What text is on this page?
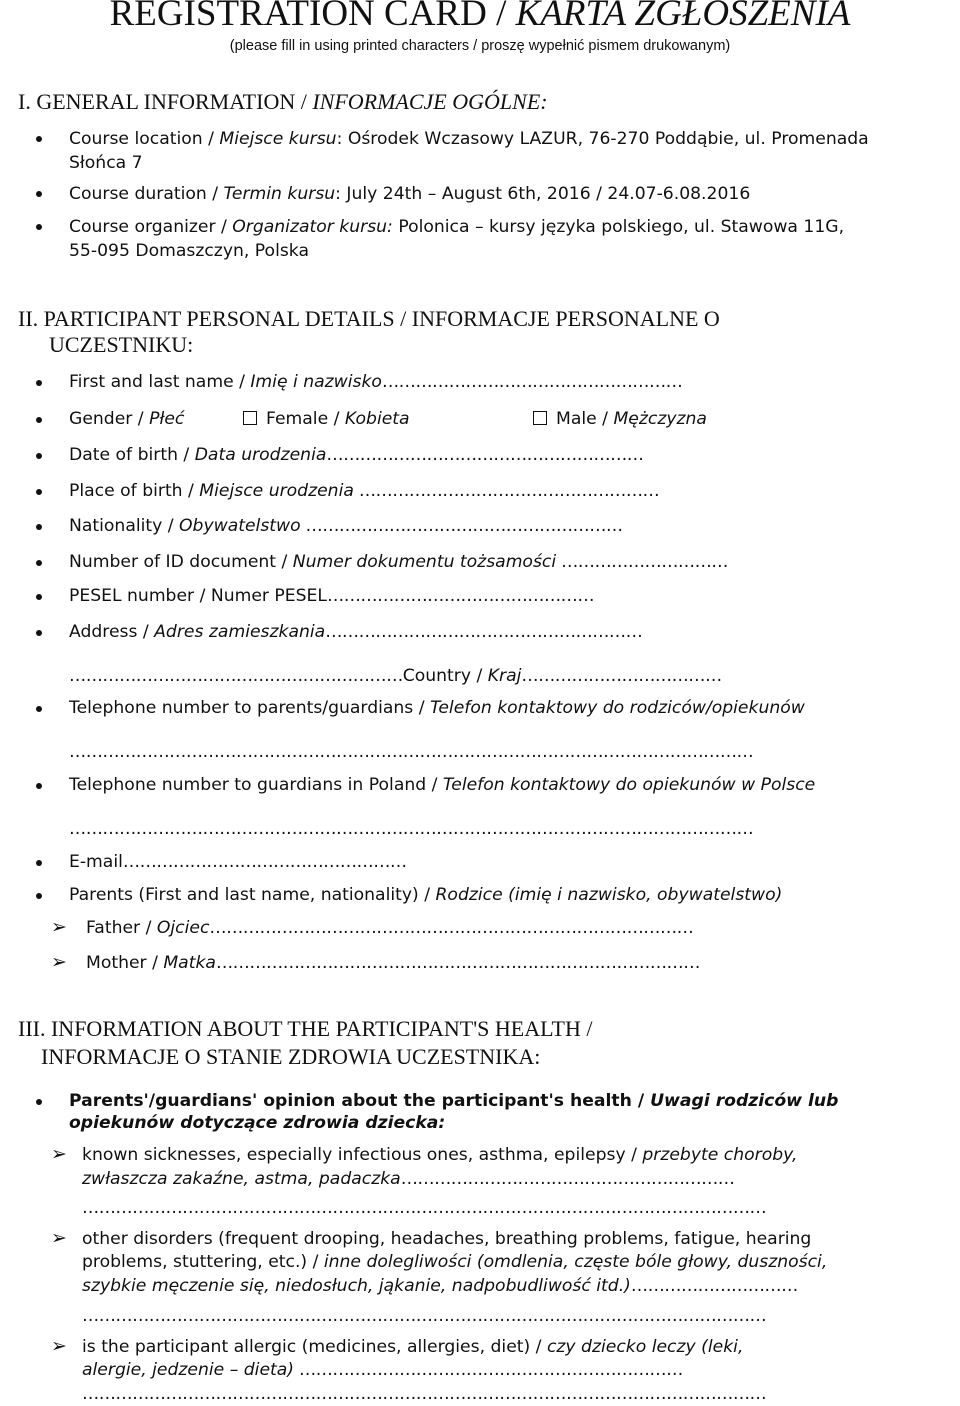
REGISTRATION CARD / KARTA ZGŁOSZENIA
(please fill in using printed characters / proszę wypełnić pismem drukowanym)
I. GENERAL INFORMATION / INFORMACJE OGÓLNE:
Course location / Miejsce kursu: Ośrodek Wczasowy LAZUR, 76-270 Poddąbie, ul. Promenada
Słońca 7
Course duration / Termin kursu: July 24th – August 6th, 2016 / 24.07-6.08.2016
Course organizer / Organizator kursu: Polonica – kursy języka polskiego, ul. Stawowa 11G,
55-095 Domaszczyn, Polska
II. PARTICIPANT PERSONAL DETAILS / INFORMACJE PERSONALNE O
UCZESTNIKU:
First and last name / Imię i nazwisko………………………………………………
Gender / Płeć	Female / Kobieta	Male / Mężczyzna
Date of birth / Data urodzenia…………………………………………………
Place of birth / Miejsce urodzenia ………………………………………………
Nationality / Obywatelstwo …………………………………………………
Number of ID document / Numer dokumentu tożsamości …………………………
PESEL number / Numer PESEL…………………………………………
Address / Adres zamieszkania…………………………………………………
……………………………………………………Country / Kraj………………………………
Telephone number to parents/guardians / Telefon kontaktowy do rodziców/opiekunów
……………………………………………………………………………………………………………
Telephone number to guardians in Poland / Telefon kontaktowy do opiekunów w Polsce
……………………………………………………………………………………………………………
E-mail……………………………………………
Parents (First and last name, nationality) / Rodzice (imię i nazwisko, obywatelstwo)
➢ Father / Ojciec……………………………………………………………………………
➢ Mother / Matka……………………………………………………………………………
III. INFORMATION ABOUT THE PARTICIPANT'S HEALTH /
INFORMACJE O STANIE ZDROWIA UCZESTNIKA:
Parents'/guardians' opinion about the participant's health / Uwagi rodziców lub
opiekunów dotyczące zdrowia dziecka:
➢ known sicknesses, especially infectious ones, asthma, epilepsy / przebyte choroby,
zwłaszcza zakaźne, astma, padaczka……………………………………………………
……………………………………………………………………………………………………………
➢ other disorders (frequent drooping, headaches, breathing problems, fatigue, hearing
problems, stuttering, etc.) / inne dolegliwości (omdlenia, częste bóle głowy, duszności,
szybkie męczenie się, niedosłuch, jąkanie, nadpobudliwość itd.)…………………………
……………………………………………………………………………………………………………
➢ is the participant allergic (medicines, allergies, diet) / czy dziecko leczy (leki,
alergie, jedzenie – dieta) ……………………………………………………………
……………………………………………………………………………………………………………
